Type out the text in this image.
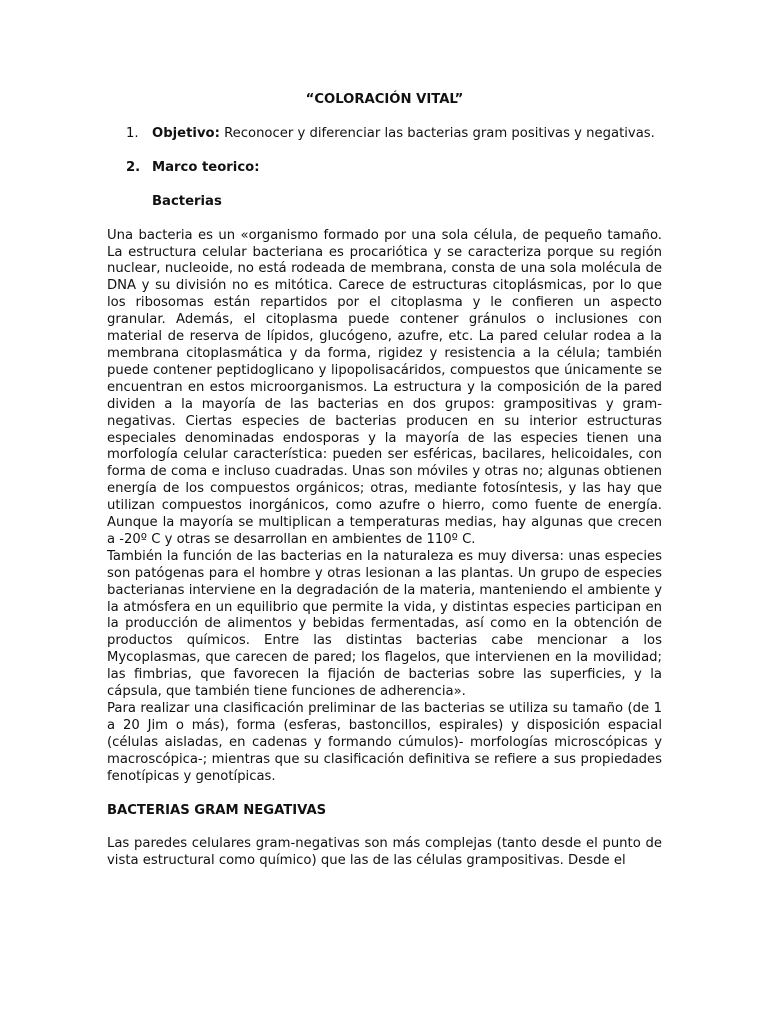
“COLORACIÓN VITAL”
1. Objetivo: Reconocer y diferenciar las bacterias gram positivas y negativas.
2. Marco teorico:
Bacterias

Una bacteria es un «organismo formado por una sola célula, de pequeño tamaño. La estructura celular bacteriana es procariótica y se caracteriza porque su región nuclear, nucleoide, no está rodeada de membrana, consta de una sola molécula de DNA y su división no es mitótica. Carece de estructuras citoplásmicas, por lo que los ribosomas están repartidos por el citoplasma y le confieren un aspecto granular. Además, el citoplasma puede contener gránulos o inclusiones con material de reserva de lípidos, glucógeno, azufre, etc. La pared celular rodea a la membrana citoplasmática y da forma, rigidez y resistencia a la célula; también puede contener peptidoglicano y lipopolisacáridos, compuestos que únicamente se encuentran en estos microorganismos. La estructura y la composición de la pared dividen a la mayoría de las bacterias en dos grupos: grampositivas y gram-negativas. Ciertas especies de bacterias producen en su interior estructuras especiales denominadas endosporas y la mayoría de las especies tienen una morfología celular característica: pueden ser esféricas, bacilares, helicoidales, con forma de coma e incluso cuadradas. Unas son móviles y otras no; algunas obtienen energía de los compuestos orgánicos; otras, mediante fotosíntesis, y las hay que utilizan compuestos inorgánicos, como azufre o hierro, como fuente de energía. Aunque la mayoría se multiplican a temperaturas medias, hay algunas que crecen a -20º C y otras se desarrollan en ambientes de 110º C.

También la función de las bacterias en la naturaleza es muy diversa: unas especies son patógenas para el hombre y otras lesionan a las plantas. Un grupo de especies bacterianas interviene en la degradación de la materia, manteniendo el ambiente y la atmósfera en un equilibrio que permite la vida, y distintas especies participan en la producción de alimentos y bebidas fermentadas, así como en la obtención de productos químicos. Entre las distintas bacterias cabe mencionar a los Mycoplasmas, que carecen de pared; los flagelos, que intervienen en la movilidad; las fimbrias, que favorecen la fijación de bacterias sobre las superficies, y la cápsula, que también tiene funciones de adherencia».

Para realizar una clasificación preliminar de las bacterias se utiliza su tamaño (de 1 a 20 Jim o más), forma (esferas, bastoncillos, espirales) y disposición espacial (células aisladas, en cadenas y formando cúmulos)- morfologías microscópicas y macroscópica-; mientras que su clasificación definitiva se refiere a sus propiedades fenotípicas y genotípicas.

BACTERIAS GRAM NEGATIVAS

Las paredes celulares gram-negativas son más complejas (tanto desde el punto de vista estructural como químico) que las de las células grampositivas. Desde el
